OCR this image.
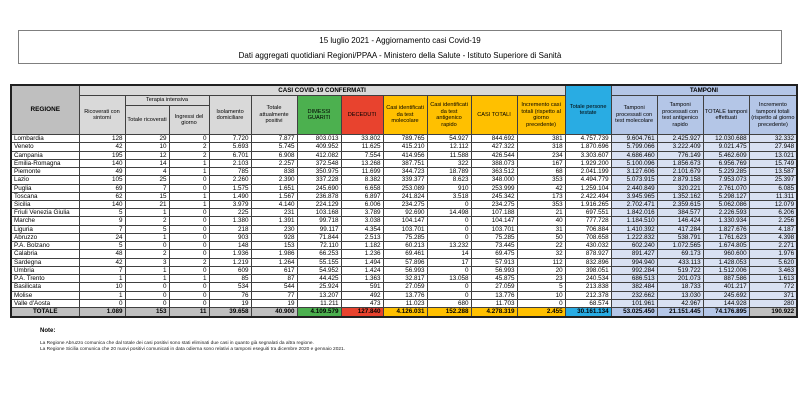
15 luglio 2021 - Aggiornamento casi Covid-19
Dati aggregati quotidiani Regioni/PPAA - Ministero della Salute - Istituto Superiore di Sanità
REGIONE	CASI COVID-19 CONFERMATI											Totale persone testate	TAMPONI			
	Ricoverati con sintomi	Terapia intensiva		Isolamento domiciliare	Totale attualmente positivi	DIMESSI GUARITI	DECEDUTI	Casi identificati da test molecolare	Casi identificati da test antigenico rapido	CASI TOTALI	Incremento casi totali (rispetto al giorno precedente)		Tamponi processati con test molecolare	Tamponi processati con test antigenico rapido	TOTALE tamponi effettuati	Incremento tamponi totali (rispetto al giorno precedente)
		Totale ricoverati	Ingressi del giorno													
Lombardia	128	29	0	7.720	7.877	803.013	33.802	789.765	54.927	844.692	381	4.757.739	9.604.761	2.425.927	12.030.688	32.332
Veneto	42	10	2	5.693	5.745	409.952	11.625	415.210	12.112	427.322	318	1.870.696	5.799.066	3.222.409	9.021.475	27.948
Campania	195	12	2	6.701	6.908	412.082	7.554	414.956	11.588	426.544	234	3.303.607	4.686.460	776.149	5.462.609	13.021
Emilia-Romagna	140	14	1	2.103	2.257	372.548	13.268	387.751	322	388.073	167	1.929.200	5.100.096	1.856.673	6.956.769	15.749
Piemonte	49	4	1	785	838	350.975	11.699	344.723	18.789	363.512	68	2.041.199	3.127.606	2.101.679	5.229.285	13.587
Lazio	105	25	0	2.260	2.390	337.228	8.382	339.377	8.623	348.000	353	4.494.779	5.073.915	2.879.158	7.953.073	25.397
Puglia	69	7	0	1.575	1.651	245.690	6.658	253.089	910	253.999	42	1.259.104	2.440.849	320.221	2.761.070	6.085
Toscana	62	15	1	1.490	1.567	236.878	6.897	241.824	3.518	245.342	173	2.422.494	3.945.965	1.352.162	5.298.127	11.311
Sicilia	140	21	1	3.979	4.140	224.129	6.006	234.275	0	234.275	353	1.916.265	2.702.471	2.359.615	5.062.086	12.079
Friuli Venezia Giulia	5	1	0	225	231	103.168	3.789	92.690	14.498	107.188	21	697.551	1.842.016	384.577	2.226.593	6.206
Marche	9	2	0	1.380	1.391	99.718	3.038	104.147	0	104.147	40	777.728	1.184.510	146.424	1.330.934	2.256
Liguria	7	5	0	218	230	99.117	4.354	103.701	0	103.701	31	706.884	1.410.392	417.284	1.827.676	4.187
Abruzzo	24	1	0	903	928	71.844	2.513	75.285	0	75.285	50	708.658	1.222.832	538.791	1.761.623	4.398
P.A. Bolzano	5	0	0	148	153	72.110	1.182	60.213	13.232	73.445	22	430.032	602.240	1.072.565	1.674.805	2.271
Calabria	48	2	0	1.936	1.986	66.253	1.236	69.461	14	69.475	32	878.927	891.427	69.173	960.600	1.976
Sardegna	42	3	2	1.219	1.264	55.155	1.494	57.896	17	57.913	112	832.896	994.940	433.113	1.428.053	5.620
Umbria	7	1	0	609	617	54.952	1.424	56.993	0	56.993	20	398.051	992.284	519.722	1.512.006	3.463
P.A. Trento	1	1	1	85	87	44.425	1.363	32.817	13.058	45.875	23	240.534	686.513	201.073	887.586	1.613
Basilicata	10	0	0	534	544	25.924	591	27.059	0	27.059	5	213.838	382.484	18.733	401.217	772
Molise	1	0	0	76	77	13.207	492	13.776	0	13.776	10	212.378	232.662	13.030	245.692	371
Valle d'Aosta	0	0	0	19	19	11.211	473	11.023	680	11.703	0	68.574	101.961	42.967	144.928	280
TOTALE	1.089	153	11	39.658	40.900	4.109.579	127.840	4.126.031	152.288	4.278.319	2.455	30.161.134	53.025.450	21.151.445	74.176.895	190.922
Note:
La Regione Abruzzo comunica che dal totale dei casi positivi sono stati eliminati due casi in quanto già segnalati da altra regione.
La Regione Sicilia comunica che 20 nuovi positivi comunicati in data odierna sono relativi a tamponi eseguiti tra dicembre 2020 e gennaio 2021.
